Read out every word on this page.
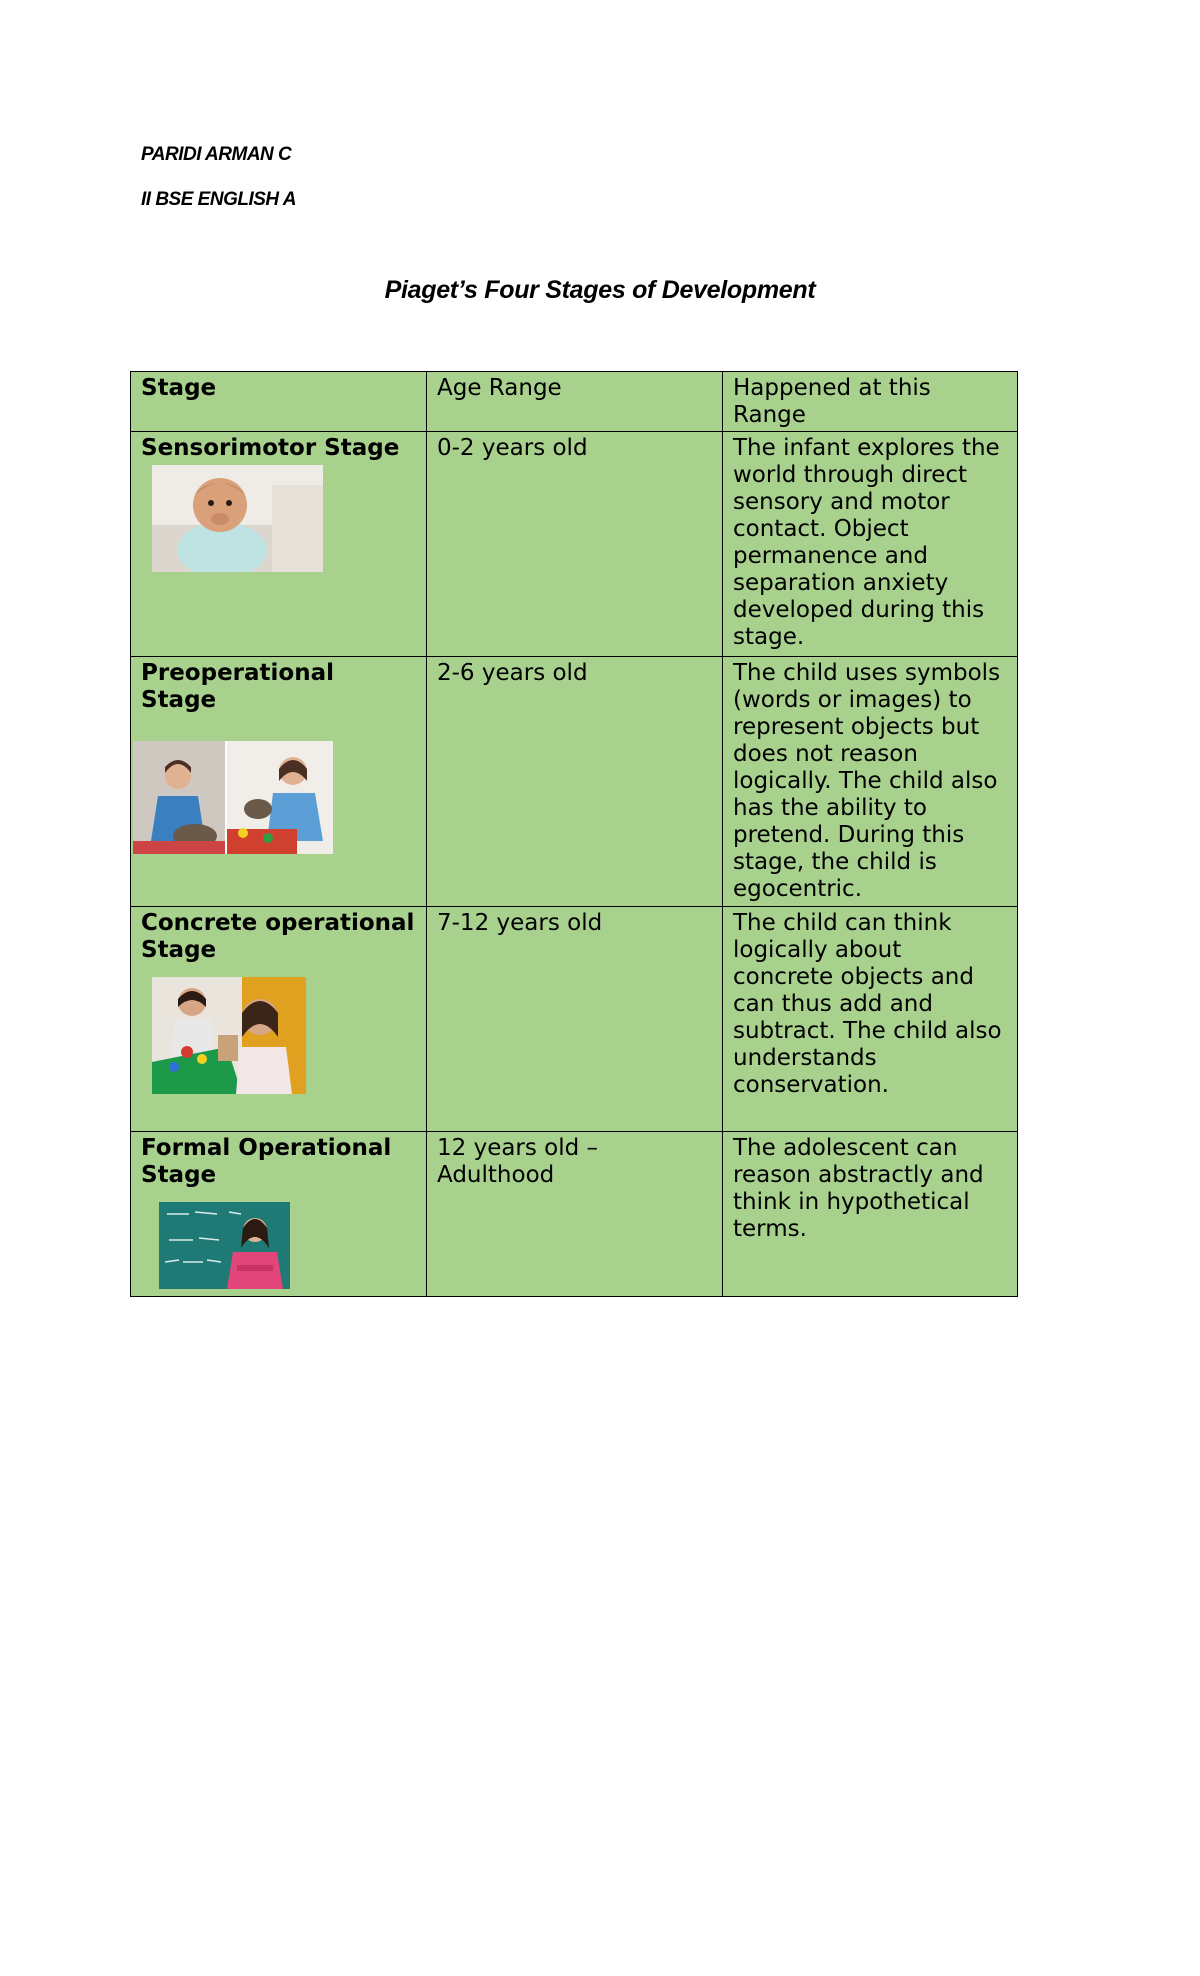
PARIDI ARMAN C
II BSE ENGLISH A
Piaget’s Four Stages of Development
Stage	Age Range	Happened at this Range

Sensorimotor Stage	0-2 years old	The infant explores the world through direct sensory and motor contact. Object permanence and separation anxiety developed during this stage.

Preoperational Stage	2-6 years old	The child uses symbols (words or images) to represent objects but does not reason logically. The child also has the ability to pretend. During this stage, the child is egocentric.

Concrete operational Stage	7-12 years old	The child can think logically about concrete objects and can thus add and subtract. The child also understands conservation.

Formal Operational Stage	12 years old – Adulthood	The adolescent can reason abstractly and think in hypothetical terms.
